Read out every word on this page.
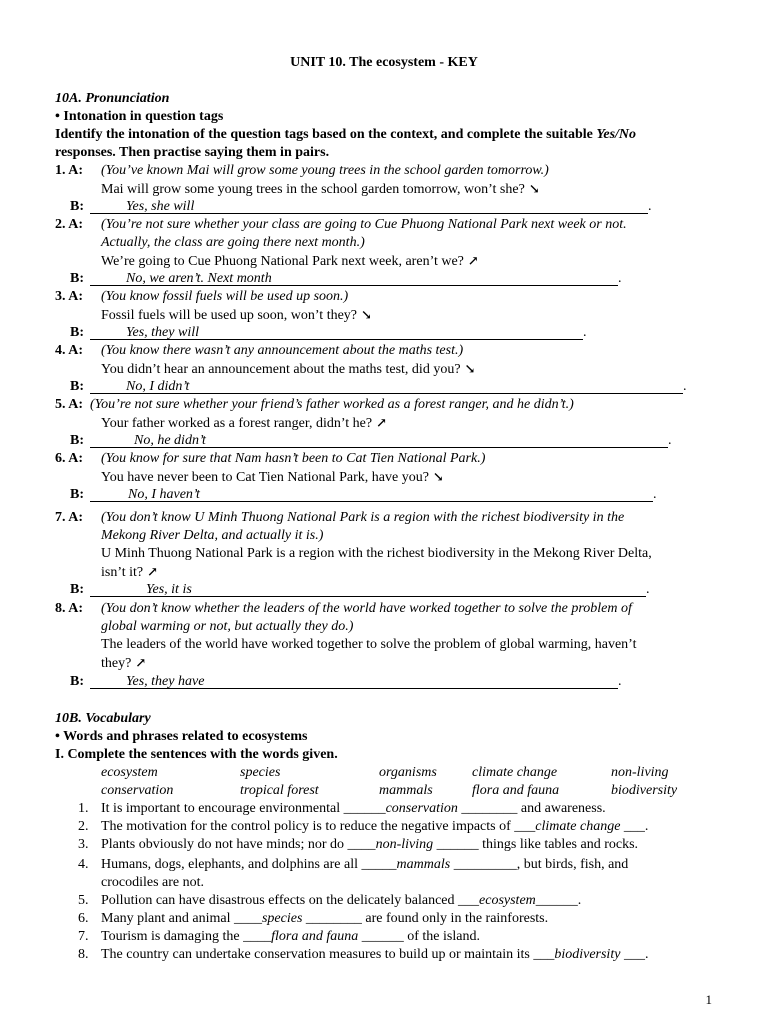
UNIT 10. The ecosystem - KEY
10A. Pronunciation
• Intonation in question tags
Identify the intonation of the question tags based on the context, and complete the suitable Yes/No
responses. Then practise saying them in pairs.
1. A:	(You’ve known Mai will grow some young trees in the school garden tomorrow.)
Mai will grow some young trees in the school garden tomorrow, won’t she? ↘
B:	Yes, she will	.
2. A:	(You’re not sure whether your class are going to Cue Phuong National Park next week or not.
Actually, the class are going there next month.)
We’re going to Cue Phuong National Park next week, aren’t we? ↗
B:	No, we aren’t. Next month	.
3. A:	(You know fossil fuels will be used up soon.)
Fossil fuels will be used up soon, won’t they? ↘
B:	Yes, they will	.
4. A:	(You know there wasn’t any announcement about the maths test.)
You didn’t hear an announcement about the maths test, did you? ↘
B:	No, I didn’t	.
5. A: (You’re not sure whether your friend’s father worked as a forest ranger, and he didn’t.)
Your father worked as a forest ranger, didn’t he? ↗
B:	No, he didn’t	.
6. A:	(You know for sure that Nam hasn’t been to Cat Tien National Park.)
You have never been to Cat Tien National Park, have you? ↘
B:	No, I haven’t	.
7. A:	(You don’t know U Minh Thuong National Park is a region with the richest biodiversity in the
Mekong River Delta, and actually it is.)
U Minh Thuong National Park is a region with the richest biodiversity in the Mekong River Delta,
isn’t it? ↗
B:	Yes, it is	.
8. A:	(You don’t know whether the leaders of the world have worked together to solve the problem of
global warming or not, but actually they do.)
The leaders of the world have worked together to solve the problem of global warming, haven’t
they? ↗
B:	Yes, they have	.
10B. Vocabulary
• Words and phrases related to ecosystems
I. Complete the sentences with the words given.
ecosystem	species	organisms	climate change	non-living
conservation	tropical forest	mammals	flora and fauna	biodiversity
1. It is important to encourage environmental ______conservation ________ and awareness.
2. The motivation for the control policy is to reduce the negative impacts of ___climate change ___.
3. Plants obviously do not have minds; nor do ____non-living ______ things like tables and rocks.
4. Humans, dogs, elephants, and dolphins are all _____mammals _________, but birds, fish, and
crocodiles are not.
5. Pollution can have disastrous effects on the delicately balanced ___ecosystem______.
6. Many plant and animal ____species ________ are found only in the rainforests.
7. Tourism is damaging the ____flora and fauna ______ of the island.
8. The country can undertake conservation measures to build up or maintain its ___biodiversity ___.
1
